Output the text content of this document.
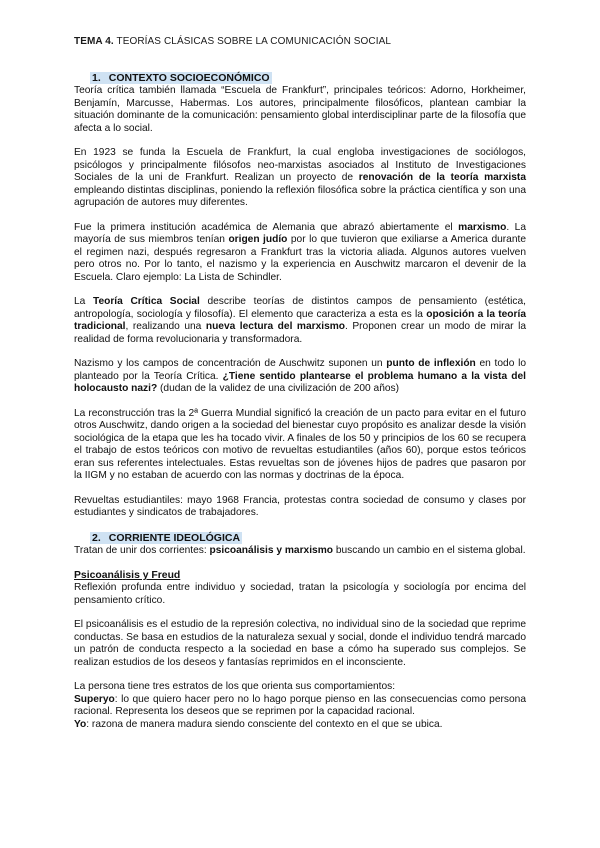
TEMA 4. TEORÍAS CLÁSICAS SOBRE LA COMUNICACIÓN SOCIAL
1. CONTEXTO SOCIOECONÓMICO

Teoría crítica también llamada “Escuela de Frankfurt”, principales teóricos: Adorno, Horkheimer, Benjamín, Marcusse, Habermas. Los autores, principalmente filosóficos, plantean cambiar la situación dominante de la comunicación: pensamiento global interdisciplinar parte de la filosofía que afecta a lo social.

En 1923 se funda la Escuela de Frankfurt, la cual engloba investigaciones de sociólogos, psicólogos y principalmente filósofos neo-marxistas asociados al Instituto de Investigaciones Sociales de la uni de Frankfurt. Realizan un proyecto de renovación de la teoría marxista empleando distintas disciplinas, poniendo la reflexión filosófica sobre la práctica científica y son una agrupación de autores muy diferentes.

Fue la primera institución académica de Alemania que abrazó abiertamente el marxismo. La mayoría de sus miembros tenían origen judío por lo que tuvieron que exiliarse a America durante el regimen nazi, después regresaron a Frankfurt tras la victoria aliada. Algunos autores vuelven pero otros no. Por lo tanto, el nazismo y la experiencia en Auschwitz marcaron el devenir de la Escuela. Claro ejemplo: La Lista de Schindler.

La Teoría Crítica Social describe teorías de distintos campos de pensamiento (estética, antropología, sociología y filosofía). El elemento que caracteriza a esta es la oposición a la teoría tradicional, realizando una nueva lectura del marxismo. Proponen crear un modo de mirar la realidad de forma revolucionaria y transformadora.

Nazismo y los campos de concentración de Auschwitz suponen un punto de inflexión en todo lo planteado por la Teoría Crítica. ¿Tiene sentido plantearse el problema humano a la vista del holocausto nazi? (dudan de la validez de una civilización de 200 años)

La reconstrucción tras la 2ª Guerra Mundial significó la creación de un pacto para evitar en el futuro otros Auschwitz, dando origen a la sociedad del bienestar cuyo propósito es analizar desde la visión sociológica de la etapa que les ha tocado vivir. A finales de los 50 y principios de los 60 se recupera el trabajo de estos teóricos con motivo de revueltas estudiantiles (años 60), porque estos teóricos eran sus referentes intelectuales. Estas revueltas son de jóvenes hijos de padres que pasaron por la IIGM y no estaban de acuerdo con las normas y doctrinas de la época.

Revueltas estudiantiles: mayo 1968 Francia, protestas contra sociedad de consumo y clases por estudiantes y sindicatos de trabajadores.

2. CORRIENTE IDEOLÓGICA

Tratan de unir dos corrientes: psicoanálisis y marxismo buscando un cambio en el sistema global.

Psicoanálisis y Freud

Reflexión profunda entre individuo y sociedad, tratan la psicología y sociología por encima del pensamiento crítico.

El psicoanálisis es el estudio de la represión colectiva, no individual sino de la sociedad que reprime conductas. Se basa en estudios de la naturaleza sexual y social, donde el individuo tendrá marcado un patrón de conducta respecto a la sociedad en base a cómo ha superado sus complejos. Se realizan estudios de los deseos y fantasías reprimidos en el inconsciente.

La persona tiene tres estratos de los que orienta sus comportamientos:

Superyo: lo que quiero hacer pero no lo hago porque pienso en las consecuencias como persona racional. Representa los deseos que se reprimen por la capacidad racional.

Yo: razona de manera madura siendo consciente del contexto en el que se ubica.
